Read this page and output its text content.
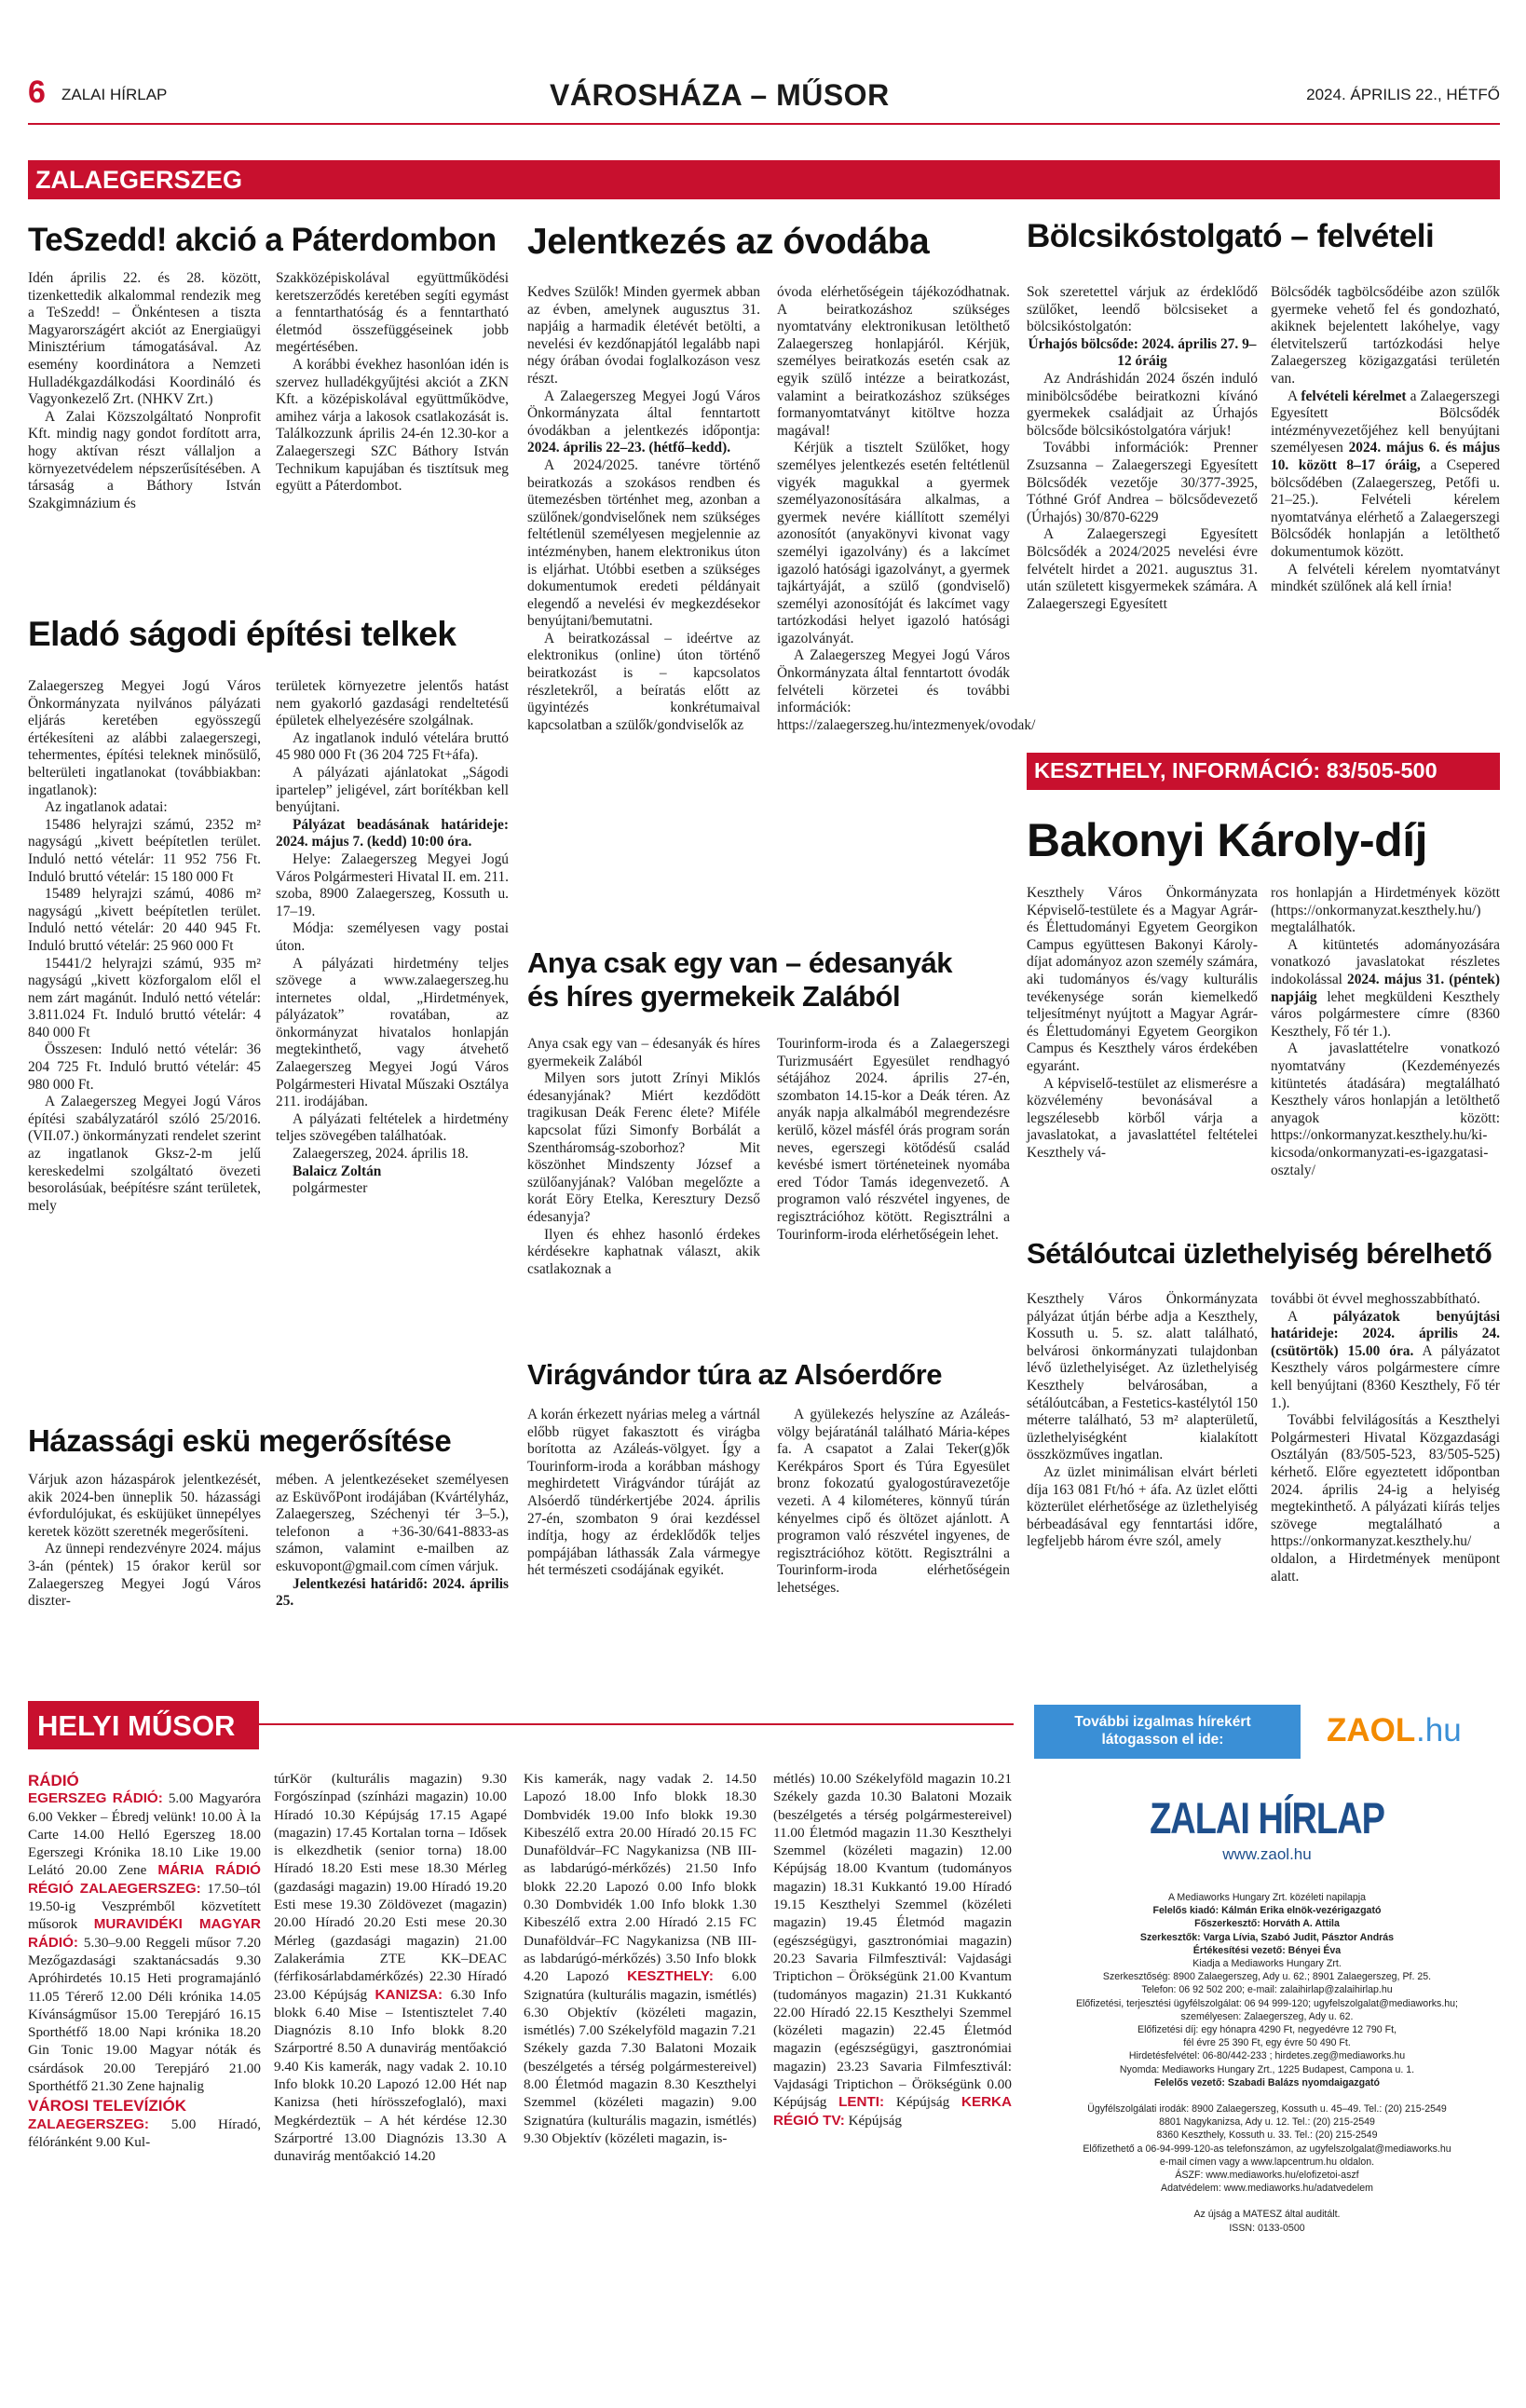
6 ZALAI HÍRLAP	VÁROSHÁZA – MŰSOR	2024. ÁPRILIS 22., HÉTFŐ
ZALAEGERSZEG
TeSzedd! akció a Páterdombon

Idén április 22. és 28. között, tizenkettedik alkalommal rendezik meg a TeSzedd! – Önkéntesen a tiszta Magyarországért akciót az Energiaügyi Minisztérium támogatásával. Az esemény koordinátora a Nemzeti Hulladékgazdálkodási Koordináló és Vagyonkezelő Zrt. (NHKV Zrt.)

A Zalai Közszolgáltató Nonprofit Kft. mindig nagy gondot fordított arra, hogy aktívan részt vállaljon a környezetvédelem népszerűsítésében. A társaság a Báthory István Szakgimnázium és

Szakközépiskolával együttműködési keretszerződés keretében segíti egymást a fenntarthatóság és a fenntartható életmód összefüggéseinek jobb megértésében.

A korábbi évekhez hasonlóan idén is szervez hulladékgyűjtési akciót a ZKN Kft. a középiskolával együttműködve, amihez várja a lakosok csatlakozását is. Találkozzunk április 24-én 12.30-kor a Zalaegerszegi SZC Báthory István Technikum kapujában és tisztítsuk meg együtt a Páterdombot.

Eladó ságodi építési telkek

Zalaegerszeg Megyei Jogú Város Önkormányzata nyilvános pályázati eljárás keretében egyösszegű értékesíteni az alábbi zalaegerszegi, tehermentes, építési teleknek minősülő, belterületi ingatlanokat (továbbiakban: ingatlanok):

Az ingatlanok adatai:

15486 helyrajzi számú, 2352 m² nagyságú „kivett beépítetlen terület. Induló nettó vételár: 11 952 756 Ft. Induló bruttó vételár: 15 180 000 Ft

15489 helyrajzi számú, 4086 m² nagyságú „kivett beépítetlen terület. Induló nettó vételár: 20 440 945 Ft. Induló bruttó vételár: 25 960 000 Ft

15441/2 helyrajzi számú, 935 m² nagyságú „kivett közforgalom elől el nem zárt magánút. Induló nettó vételár: 3.811.024 Ft. Induló bruttó vételár: 4 840 000 Ft

Összesen: Induló nettó vételár: 36 204 725 Ft. Induló bruttó vételár: 45 980 000 Ft.

A Zalaegerszeg Megyei Jogú Város építési szabályzatáról szóló 25/2016. (VII.07.) önkormányzati rendelet szerint az ingatlanok Gksz-2-m jelű kereskedelmi szolgáltató övezeti besorolásúak, beépítésre szánt területek, mely

területek környezetre jelentős hatást nem gyakorló gazdasági rendeltetésű épületek elhelyezésére szolgálnak.

Az ingatlanok induló vételára bruttó 45 980 000 Ft (36 204 725 Ft+áfa).

A pályázati ajánlatokat „Ságodi ipartelep” jeligével, zárt borítékban kell benyújtani.

Pályázat beadásának határideje: 2024. május 7. (kedd) 10:00 óra.

Helye: Zalaegerszeg Megyei Jogú Város Polgármesteri Hivatal II. em. 211. szoba, 8900 Zalaegerszeg, Kossuth u. 17–19.

Módja: személyesen vagy postai úton.

A pályázati hirdetmény teljes szövege a www.zalaegerszeg.hu internetes oldal, „Hirdetmények, pályázatok” rovatában, az önkormányzat hivatalos honlapján megtekinthető, vagy átvehető Zalaegerszeg Megyei Jogú Város Polgármesteri Hivatal Műszaki Osztálya 211. irodájában.

A pályázati feltételek a hirdetmény teljes szövegében találhatóak.

Zalaegerszeg, 2024. április 18.

Balaicz Zoltán

polgármester

Házassági eskü megerősítése

Várjuk azon házaspárok jelentkezését, akik 2024-ben ünneplik 50. házassági évfordulójukat, és esküjüket ünnepélyes keretek között szeretnék megerősíteni.

Az ünnepi rendezvényre 2024. május 3-án (péntek) 15 órakor kerül sor Zalaegerszeg Megyei Jogú Város diszter-

mében. A jelentkezéseket személyesen az EsküvőPont irodájában (Kvártélyház, Zalaegerszeg, Széchenyi tér 3–5.), telefonon a +36-30/641-8833-as számon, valamint e-mailben az eskuvopont@gmail.com címen várjuk.

Jelentkezési határidő: 2024. április 25.

Jelentkezés az óvodába

Kedves Szülők! Minden gyermek abban az évben, amelynek augusztus 31. napjáig a harmadik életévét betölti, a nevelési év kezdőnapjától legalább napi négy órában óvodai foglalkozáson vesz részt.

A Zalaegerszeg Megyei Jogú Város Önkormányzata által fenntartott óvodákban a jelentkezés időpontja: 2024. április 22–23. (hétfő–kedd).

A 2024/2025. tanévre történő beiratkozás a szokásos rendben és ütemezésben történhet meg, azonban a szülőnek/gondviselőnek nem szükséges feltétlenül személyesen megjelennie az intézményben, hanem elektronikus úton is eljárhat. Utóbbi esetben a szükséges dokumentumok eredeti példányait elegendő a nevelési év megkezdésekor benyújtani/bemutatni.

A beiratkozással – ideértve az elektronikus (online) úton történő beiratkozást is – kapcsolatos részletekről, a beíratás előtt az ügyintézés konkrétumaival kapcsolatban a szülők/gondviselők az

óvoda elérhetőségein tájékozódhatnak. A beiratkozáshoz szükséges nyomtatvány elektronikusan letölthető Zalaegerszeg honlapjáról. Kérjük, személyes beiratkozás esetén csak az egyik szülő intézze a beiratkozást, valamint a beiratkozáshoz szükséges formanyomtatványt kitöltve hozza magával!

Kérjük a tisztelt Szülőket, hogy személyes jelentkezés esetén feltétlenül vigyék magukkal a gyermek személyazonosítására alkalmas, a gyermek nevére kiállított személyi azonosítót (anyakönyvi kivonat vagy személyi igazolvány) és a lakcímet igazoló hatósági igazolványt, a gyermek tajkártyáját, a szülő (gondviselő) személyi azonosítóját és lakcímet vagy tartózkodási helyet igazoló hatósági igazolványát.

A Zalaegerszeg Megyei Jogú Város Önkormányzata által fenntartott óvodák felvételi körzetei és további információk: https://zalaegerszeg.hu/intezmenyek/ovodak/

Anya csak egy van – édesanyák
és híres gyermekeik Zalából

Anya csak egy van – édesanyák és híres gyermekeik Zalából

Milyen sors jutott Zrínyi Miklós édesanyjának? Miért kezdődött tragikusan Deák Ferenc élete? Miféle kapcsolat fűzi Simonfy Borbálát a Szentháromság-szoborhoz? Mit köszönhet Mindszenty József a szülőanyjának? Valóban megelőzte a korát Eöry Etelka, Keresztury Dezső édesanyja?

Ilyen és ehhez hasonló érdekes kérdésekre kaphatnak választ, akik csatlakoznak a

Tourinform-iroda és a Zalaegerszegi Turizmusáért Egyesület rendhagyó sétájához 2024. április 27-én, szombaton 14.15-kor a Deák téren. Az anyák napja alkalmából megrendezésre kerülő, közel másfél órás program során neves, egerszegi kötődésű család kevésbé ismert történeteinek nyomába ered Tódor Tamás idegenvezető. A programon való részvétel ingyenes, de regisztrációhoz kötött. Regisztrálni a Tourinform-iroda elérhetőségein lehet.

Virágvándor túra az Alsóerdőre

A korán érkezett nyárias meleg a vártnál előbb rügyet fakasztott és virágba borította az Azáleás-völgyet. Így a Tourinform-iroda a korábban máshogy meghirdetett Virágvándor túráját az Alsóerdő tündérkertjébe 2024. április 27-én, szombaton 9 órai kezdéssel indítja, hogy az érdeklődők teljes pompájában láthassák Zala vármegye hét természeti csodájának egyikét.

A gyülekezés helyszíne az Azáleás-völgy bejáratánál található Mária-képes fa. A csapatot a Zalai Teker(g)ők Kerékpáros Sport és Túra Egyesület bronz fokozatú gyalogostúravezetője vezeti. A 4 kilométeres, könnyű túrán kényelmes cipő és öltözet ajánlott. A programon való részvétel ingyenes, de regisztrációhoz kötött. Regisztrálni a Tourinform-iroda elérhetőségein lehetséges.

Bölcsikóstolgató – felvételi

Sok szeretettel várjuk az érdeklődő szülőket, leendő bölcsiseket a bölcsikóstolgatón:

Úrhajós bölcsőde: 2024. április 27. 9–12 óráig

Az Andráshidán 2024 őszén induló minibölcsődébe beiratkozni kívánó gyermekek családjait az Úrhajós bölcsőde bölcsikóstolgatóra várjuk!

További információk: Prenner Zsuzsanna – Zalaegerszegi Egyesített Bölcsődék vezetője 30/377-3925, Tóthné Gróf Andrea – bölcsődevezető (Úrhajós) 30/870-6229

A Zalaegerszegi Egyesített Bölcsődék a 2024/2025 nevelési évre felvételt hirdet a 2021. augusztus 31. után született kisgyermekek számára. A Zalaegerszegi Egyesített

Bölcsődék tagbölcsődéibe azon szülők gyermeke vehető fel és gondozható, akiknek bejelentett lakóhelye, vagy életvitelszerű tartózkodási helye Zalaegerszeg közigazgatási területén van.

A felvételi kérelmet a Zalaegerszegi Egyesített Bölcsődék intézményvezetőjéhez kell benyújtani személyesen 2024. május 6. és május 10. között 8–17 óráig, a Csepered bölcsődében (Zalaegerszeg, Petőfi u. 21–25.). Felvételi kérelem nyomtatványa elérhető a Zalaegerszegi Bölcsődék honlapján a letölthető dokumentumok között.

A felvételi kérelem nyomtatványt mindkét szülőnek alá kell írnia!

KESZTHELY, INFORMÁCIÓ: 83/505-500
Bakonyi Károly-díj

Keszthely Város Önkormányzata Képviselő-testülete és a Magyar Agrár- és Élettudományi Egyetem Georgikon Campus együttesen Bakonyi Károly-díjat adományoz azon személy számára, aki tudományos és/vagy kulturális tevékenysége során kiemelkedő teljesítményt nyújtott a Magyar Agrár- és Élettudományi Egyetem Georgikon Campus és Keszthely város érdekében egyaránt.

A képviselő-testület az elismerésre a közvélemény bevonásával a legszélesebb körből várja a javaslatokat, a javaslattétel feltételei Keszthely vá-

ros honlapján a Hirdetmények között (https://onkormanyzat.keszthely.hu/) megtalálhatók.

A kitüntetés adományozására vonatkozó javaslatokat részletes indokolással 2024. május 31. (péntek) napjáig lehet megküldeni Keszthely város polgármestere címre (8360 Keszthely, Fő tér 1.).

A javaslattételre vonatkozó nyomtatvány (Kezdeményezés kitüntetés átadására) megtalálható Keszthely város honlapján a letölthető anyagok között: https://onkormanyzat.keszthely.hu/ki-kicsoda/onkormanyzati-es-igazgatasi-osztaly/

Sétálóutcai üzlethelyiség bérelhető

Keszthely Város Önkormányzata pályázat útján bérbe adja a Keszthely, Kossuth u. 5. sz. alatt található, belvárosi önkormányzati tulajdonban lévő üzlethelyiséget. Az üzlethelyiség Keszthely belvárosában, a sétálóutcában, a Festetics-kastélytól 150 méterre található, 53 m² alapterületű, üzlethelyiségként kialakított összközműves ingatlan.

Az üzlet minimálisan elvárt bérleti díja 163 081 Ft/hó + áfa. Az üzlet előtti közterület elérhetősége az üzlethelyiség bérbeadásával egy fenntartási időre, legfeljebb három évre szól, amely

további öt évvel meghosszabbítható.

A	pályázatok benyújtási határideje: 2024. április 24. (csütörtök) 15.00 óra. A pályázatot Keszthely város polgármestere címre kell benyújtani (8360 Keszthely, Fő tér 1.).

További felvilágosítás a Keszthelyi Polgármesteri Hivatal Közgazdasági Osztályán (83/505-523, 83/505-525) kérhető. Előre egyeztetett időpontban 2024. április 24-ig a helyiség megtekinthető. A pályázati kiírás teljes szövege megtalálható a https://onkormanyzat.keszthely.hu/ oldalon, a Hirdetmények menüpont alatt.

HELYI MŰSOR
RÁDIÓ
EGERSZEG RÁDIÓ: 5.00 Magyaróra 6.00 Vekker – Ébredj velünk! 10.00 À la Carte 14.00 Helló Egerszeg 18.00 Egerszegi Krónika 18.10 Like 19.00 Lelátó 20.00 Zene MÁRIA RÁDIÓ RÉGIÓ ZALAEGERSZEG: 17.50–tól 19.50-ig Veszprémből közvetített műsorok MURAVIDÉKI MAGYAR RÁDIÓ: 5.30–9.00 Reggeli műsor 7.20 Mezőgazdasági szaktanácsadás 9.30 Apróhirdetés 10.15 Heti programajánló 11.05 Térerő 12.00 Déli krónika 14.05 Kívánságműsor 15.00 Terepjáró 16.15 Sporthétfő 18.00 Napi krónika 18.20 Gin Tonic 19.00 Magyar nóták és csárdások 20.00 Terepjáró 21.00 Sporthétfő 21.30 Zene hajnalig
VÁROSI TELEVÍZIÓK
ZALAEGERSZEG: 5.00 Híradó, félóránként 9.00 Kul-
túrKör (kulturális magazin) 9.30 Forgószínpad (színházi magazin) 10.00 Híradó 10.30 Képújság 17.15 Agapé (magazin) 17.45 Kortalan torna – Idősek is elkezdhetik (senior torna) 18.00 Híradó 18.20 Esti mese 18.30 Mérleg (gazdasági magazin) 19.00 Híradó 19.20 Esti mese 19.30 Zöldövezet (magazin) 20.00 Híradó 20.20 Esti mese 20.30 Mérleg (gazdasági magazin) 21.00 Zalakerámia ZTE KK–DEAC (férfikosárlabdamérkőzés) 22.30 Híradó 23.00 Képújság KANIZSA: 6.30 Info blokk 6.40 Mise – Istentisztelet 7.40 Diagnózis 8.10 Info blokk 8.20 Szárportré 8.50 A dunavirág mentőakció 9.40 Kis kamerák, nagy vadak 2. 10.10 Info blokk 10.20 Lapozó 12.00 Hét nap Kanizsa (heti hírösszefoglaló), maxi Megkérdeztük – A hét kérdése 12.30 Szárportré 13.00 Diagnózis 13.30 A dunavirág mentőakció 14.20
Kis kamerák, nagy vadak 2. 14.50 Lapozó 18.00 Info blokk 18.30 Dombvidék 19.00 Info blokk 19.30 Kibeszélő extra 20.00 Híradó 20.15 FC Dunaföldvár–FC Nagykanizsa (NB III-as labdarúgó-mérkőzés) 21.50 Info blokk 22.20 Lapozó 0.00 Info blokk 0.30 Dombvidék 1.00 Info blokk 1.30 Kibeszélő extra 2.00 Híradó 2.15 FC Dunaföldvár–FC Nagykanizsa (NB III-as labdarúgó-mérkőzés) 3.50 Info blokk 4.20 Lapozó KESZTHELY: 6.00 Szignatúra (kulturális magazin, ismétlés) 6.30 Objektív (közéleti magazin, ismétlés) 7.00 Székelyföld magazin 7.21 Székely gazda 7.30 Balatoni Mozaik (beszélgetés a térség polgármestereivel) 8.00 Életmód magazin 8.30 Keszthelyi Szemmel (közéleti magazin) 9.00 Szignatúra (kulturális magazin, ismétlés) 9.30 Objektív (közéleti magazin, is-
métlés) 10.00 Székelyföld magazin 10.21 Székely gazda 10.30 Balatoni Mozaik (beszélgetés a térség polgármestereivel) 11.00 Életmód magazin 11.30 Keszthelyi Szemmel (közéleti magazin) 12.00 Képújság 18.00 Kvantum (tudományos magazin) 18.31 Kukkantó 19.00 Híradó 19.15 Keszthelyi Szemmel (közéleti magazin) 19.45 Életmód magazin (egészségügyi, gasztronómiai magazin) 20.23 Savaria Filmfesztivál: Vajdasági Triptichon – Örökségünk 21.00 Kvantum (tudományos magazin) 21.31 Kukkantó 22.00 Híradó 22.15 Keszthelyi Szemmel (közéleti magazin) 22.45 Életmód magazin (egészségügyi, gasztronómiai magazin) 23.23 Savaria Filmfesztivál: Vajdasági Triptichon – Örökségünk 0.00 Képújság LENTI: Képújság KERKA RÉGIÓ TV: Képújság
További izgalmas hírekért
látogasson el ide:	ZAOL .hu
ZALAI HÍRLAP
www.zaol.hu
A Mediaworks Hungary Zrt. közéleti napilapja
Felelős kiadó: Kálmán Erika elnök-vezérigazgató
Főszerkesztő: Horváth A. Attila
Szerkesztők: Varga Lívia, Szabó Judit, Pásztor András
Értékesítési vezető: Bényei Éva
Kiadja a Mediaworks Hungary Zrt.
Szerkesztőség: 8900 Zalaegerszeg, Ady u. 62.; 8901 Zalaegerszeg, Pf. 25.
Telefon: 06 92 502 200; e-mail: zalaihirlap@zalaihirlap.hu
Előfizetési, terjesztési ügyfélszolgálat: 06 94 999-120; ugyfelszolgalat@mediaworks.hu;
személyesen: Zalaegerszeg, Ady u. 62.
Előfizetési díj: egy hónapra 4290 Ft, negyedévre 12 790 Ft,
fél évre 25 390 Ft, egy évre 50 490 Ft.
Hirdetésfelvétel: 06-80/442-233 ; hirdetes.zeg@mediaworks.hu
Nyomda: Mediaworks Hungary Zrt., 1225 Budapest, Campona u. 1.
Felelős vezető: Szabadi Balázs nyomdaigazgató
Ügyfélszolgálati irodák: 8900 Zalaegerszeg, Kossuth u. 45–49. Tel.: (20) 215-2549
8801 Nagykanizsa, Ady u. 12. Tel.: (20) 215-2549
8360 Keszthely, Kossuth u. 33. Tel.: (20) 215-2549
Előfizethető a 06-94-999-120-as telefonszámon, az ugyfelszolgalat@mediaworks.hu
e-mail címen vagy a www.lapcentrum.hu oldalon.
ÁSZF: www.mediaworks.hu/elofizetoi-aszf
Adatvédelem: www.mediaworks.hu/adatvedelem
Az újság a MATESZ által auditált.
ISSN: 0133-0500
